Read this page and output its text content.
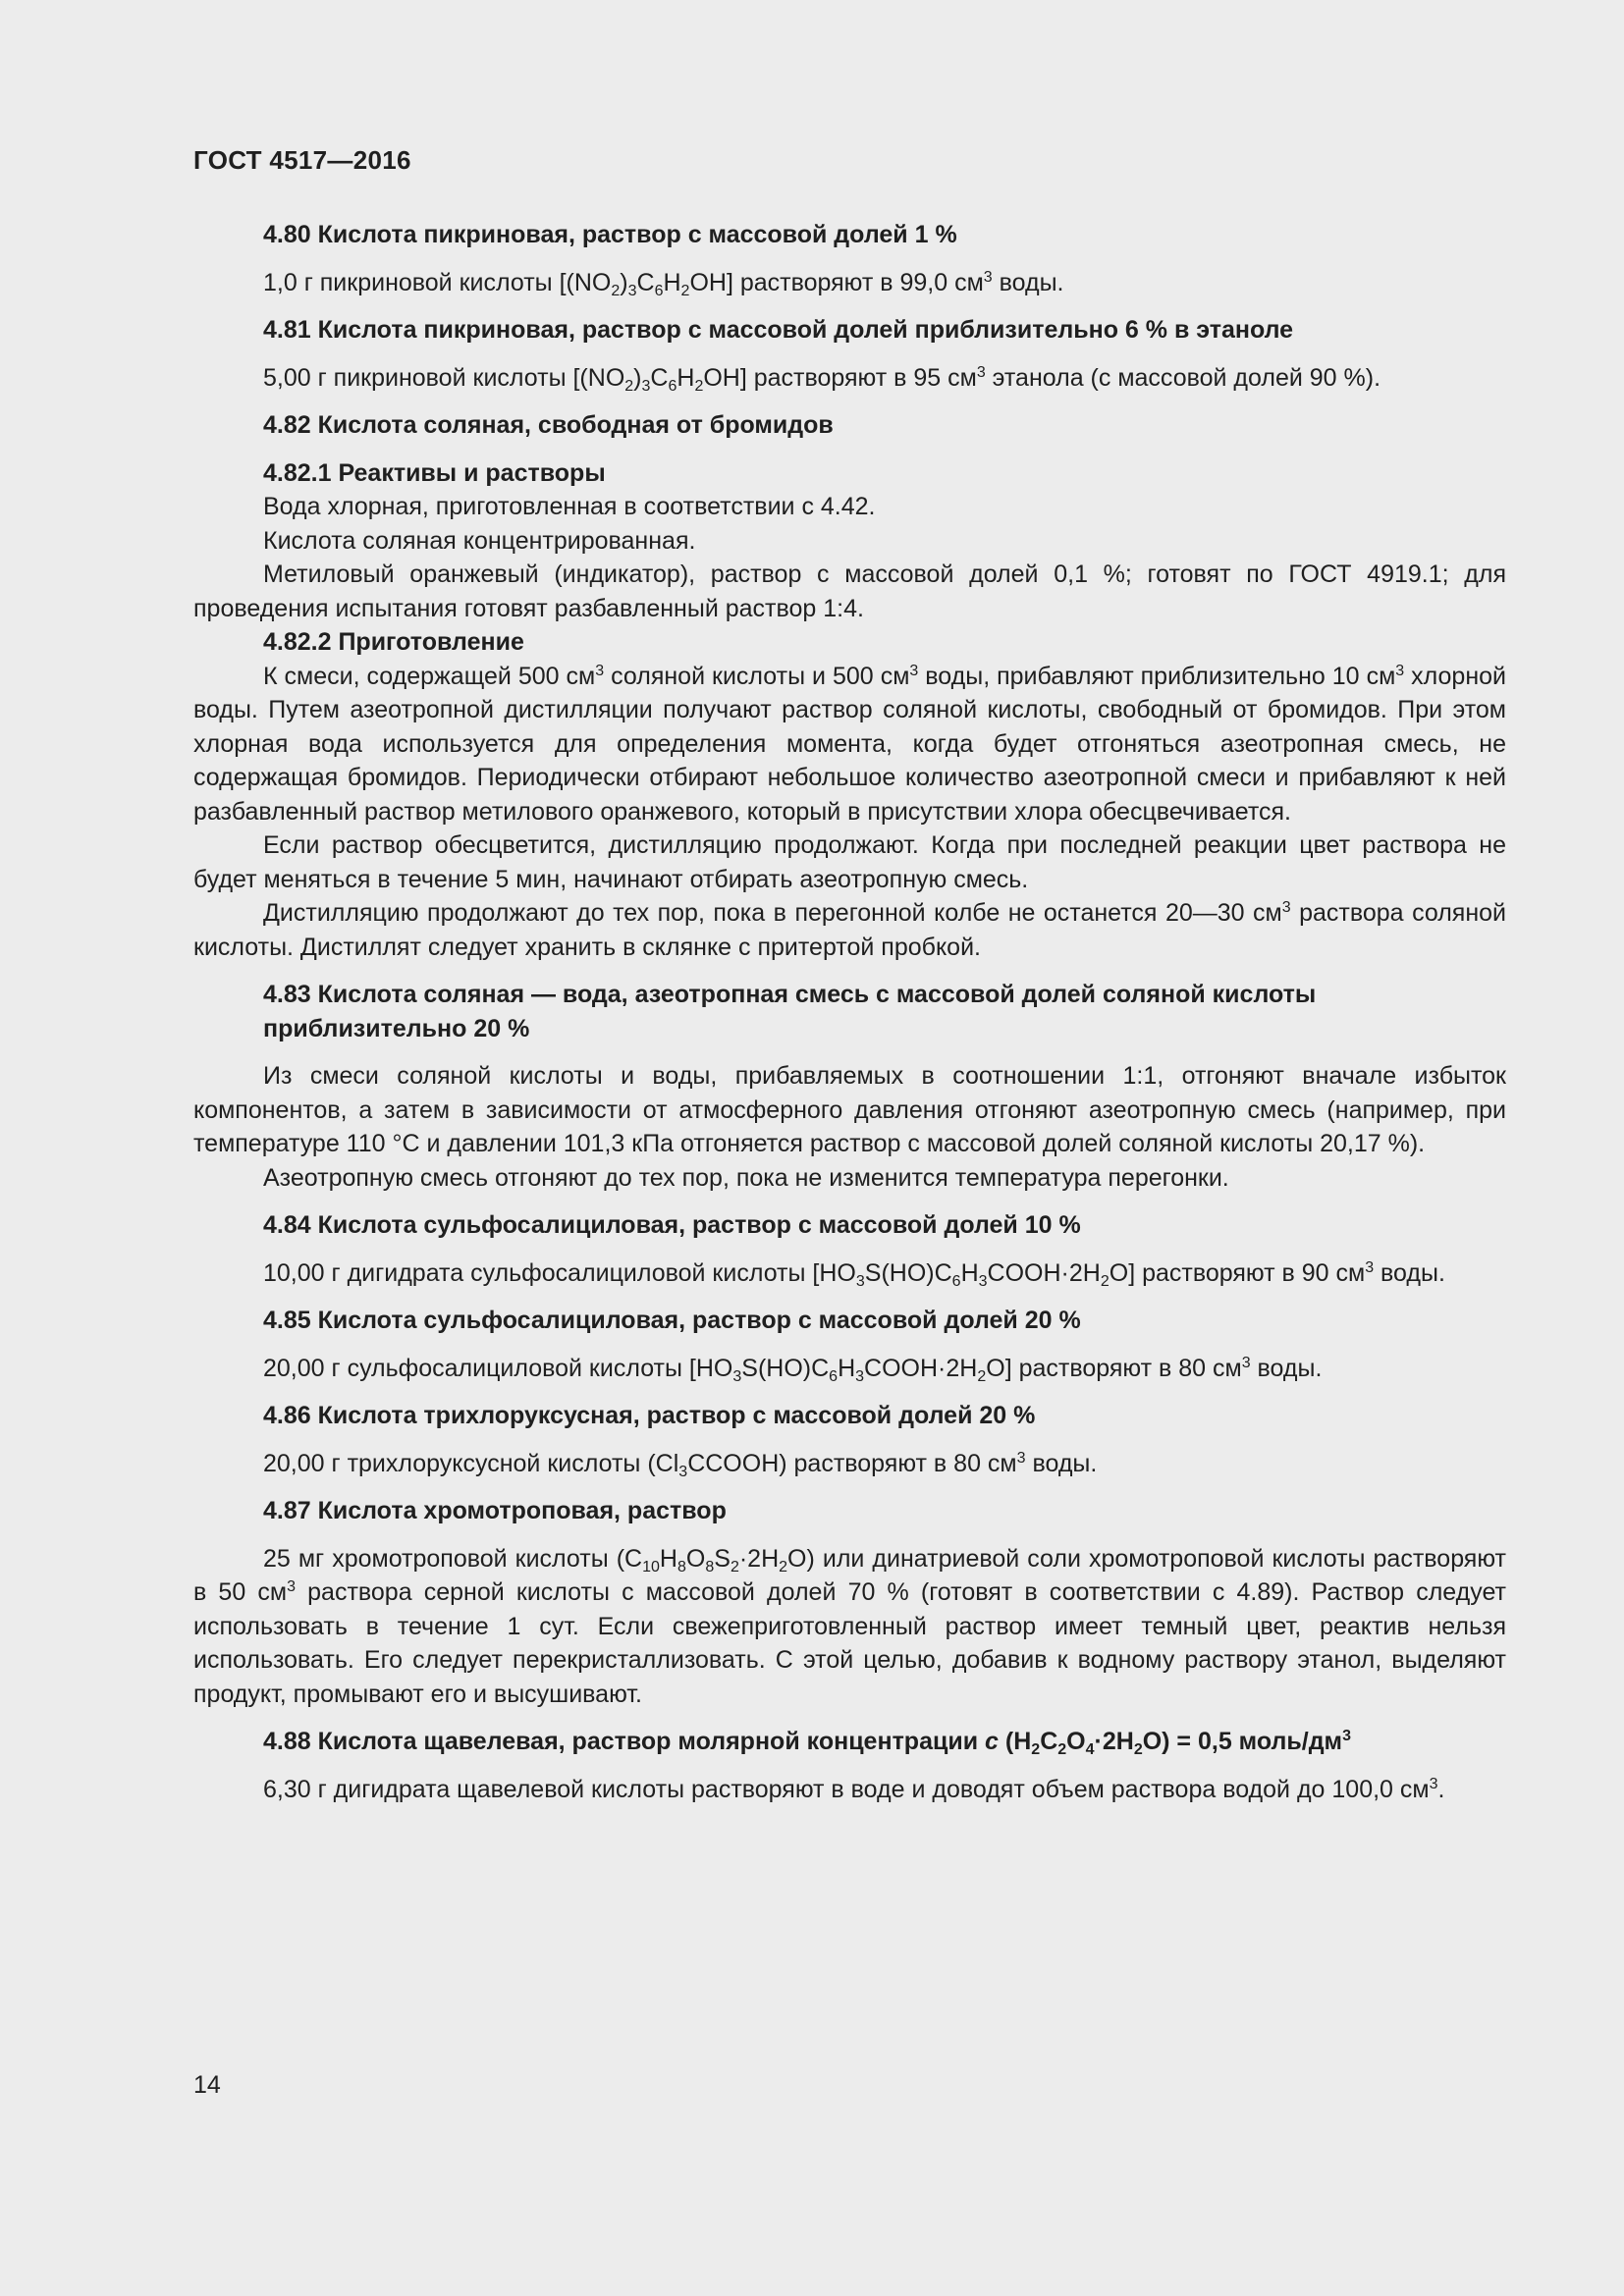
ГОСТ 4517—2016

4.80 Кислота пикриновая, раствор с массовой долей 1 %

1,0 г пикриновой кислоты $[(NO_2)_3C_6H_2OH]$ растворяют в 99,0 $см^3$ воды.

4.81 Кислота пикриновая, раствор с массовой долей приблизительно 6 % в этаноле

5,00 г пикриновой кислоты $[(NO_2)_3C_6H_2OH]$ растворяют в 95 $см^3$ этанола (с массовой долей 90 %).

4.82 Кислота соляная, свободная от бромидов

4.82.1 Реактивы и растворы

Вода хлорная, приготовленная в соответствии с 4.42.

Кислота соляная концентрированная.

Метиловый оранжевый (индикатор), раствор с массовой долей 0,1 %; готовят по ГОСТ 4919.1; для проведения испытания готовят разбавленный раствор 1:4.

4.82.2 Приготовление

К смеси, содержащей 500 $см^3$ соляной кислоты и 500 $см^3$ воды, прибавляют приблизительно 10 $см^3$ хлорной воды. Путем азеотропной дистилляции получают раствор соляной кислоты, свободный от бромидов. При этом хлорная вода используется для определения момента, когда будет отгоняться азеотропная смесь, не содержащая бромидов. Периодически отбирают небольшое количество азеотропной смеси и прибавляют к ней разбавленный раствор метилового оранжевого, который в присутствии хлора обесцвечивается.

Если раствор обесцветится, дистилляцию продолжают. Когда при последней реакции цвет раствора не будет меняться в течение 5 мин, начинают отбирать азеотропную смесь.

Дистилляцию продолжают до тех пор, пока в перегонной колбе не останется 20—30 $см^3$ раствора соляной кислоты. Дистиллят следует хранить в склянке с притертой пробкой.

4.83 Кислота соляная — вода, азеотропная смесь с массовой долей соляной кислоты

приблизительно 20 %

Из смеси соляной кислоты и воды, прибавляемых в соотношении 1:1, отгоняют вначале избыток компонентов, а затем в зависимости от атмосферного давления отгоняют азеотропную смесь (например, при температуре 110 °С и давлении 101,3 кПа отгоняется раствор с массовой долей соляной кислоты 20,17 %).

Азеотропную смесь отгоняют до тех пор, пока не изменится температура перегонки.

4.84 Кислота сульфосалициловая, раствор с массовой долей 10 %

10,00 г дигидрата сульфосалициловой кислоты $[HO_3S(HO)C_6H_3COOH\cdot 2H_2O]$ растворяют в 90 $см^3$ воды.

4.85 Кислота сульфосалициловая, раствор с массовой долей 20 %

20,00 г сульфосалициловой кислоты $[HO_3S(HO)C_6H_3COOH\cdot 2H_2O]$ растворяют в 80 $см^3$ воды.

4.86 Кислота трихлоруксусная, раствор с массовой долей 20 %

20,00 г трихлоруксусной кислоты $(Cl_3CCOOH)$ растворяют в 80 $см^3$ воды.

4.87 Кислота хромотроповая, раствор

25 мг хромотроповой кислоты $(C_{10}H_8O_8S_2\cdot 2H_2O)$ или динатриевой соли хромотроповой кислоты растворяют в 50 $см^3$ раствора серной кислоты с массовой долей 70 % (готовят в соответствии с 4.89). Раствор следует использовать в течение 1 сут. Если свежеприготовленный раствор имеет темный цвет, реактив нельзя использовать. Его следует перекристаллизовать. С этой целью, добавив к водному раствору этанол, выделяют продукт, промывают его и высушивают.

4.88 Кислота щавелевая, раствор молярной концентрации c $(H_2C_2O_4\cdot 2H_2O) = 0,5$ моль/$дм^3$

6,30 г дигидрата щавелевой кислоты растворяют в воде и доводят объем раствора водой до 100,0 $см^3$.

14
